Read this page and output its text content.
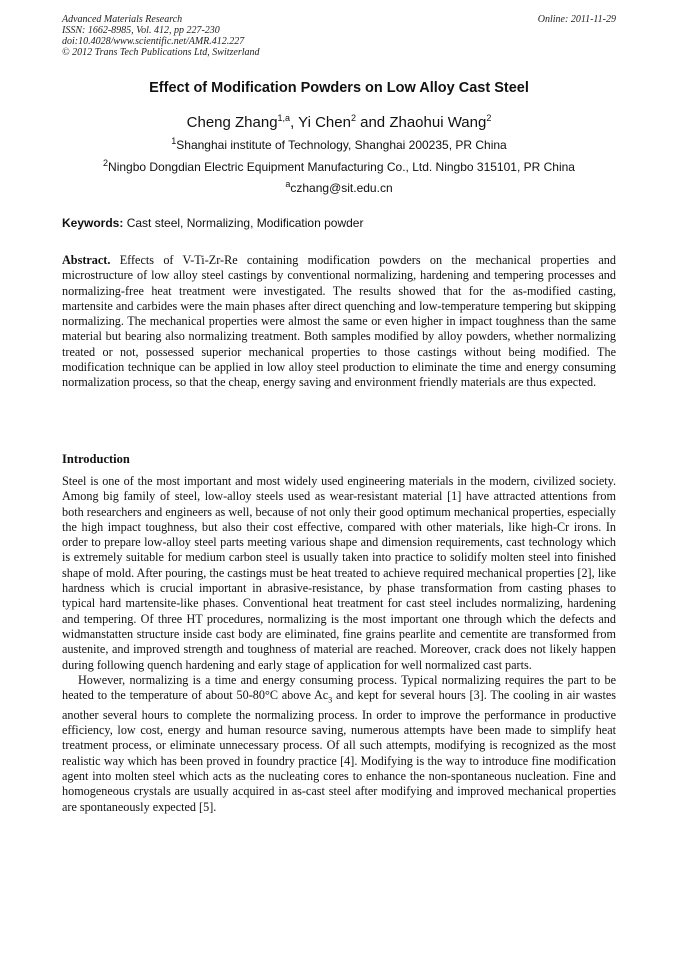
Advanced Materials Research
ISSN: 1662-8985, Vol. 412, pp 227-230
doi:10.4028/www.scientific.net/AMR.412.227
© 2012 Trans Tech Publications Ltd, Switzerland
Online: 2011-11-29
Effect of Modification Powders on Low Alloy Cast Steel
Cheng Zhang$^{1,a}$, Yi Chen$^2$ and Zhaohui Wang$^2$
$^1$Shanghai institute of Technology, Shanghai 200235, PR China
$^2$Ningbo Dongdian Electric Equipment Manufacturing Co., Ltd. Ningbo 315101, PR China
$^a$czhang@sit.edu.cn
Keywords: Cast steel, Normalizing, Modification powder
Abstract. Effects of V-Ti-Zr-Re containing modification powders on the mechanical properties and microstructure of low alloy steel castings by conventional normalizing, hardening and tempering processes and normalizing-free heat treatment were investigated. The results showed that for the as-modified casting, martensite and carbides were the main phases after direct quenching and low-temperature tempering but skipping normalizing. The mechanical properties were almost the same or even higher in impact toughness than the same material but bearing also normalizing treatment. Both samples modified by alloy powders, whether normalizing treated or not, possessed superior mechanical properties to those castings without being modified. The modification technique can be applied in low alloy steel production to eliminate the time and energy consuming normalization process, so that the cheap, energy saving and environment friendly materials are thus expected.
Introduction

Steel is one of the most important and most widely used engineering materials in the modern, civilized society. Among big family of steel, low-alloy steels used as wear-resistant material [1] have attracted attentions from both researchers and engineers as well, because of not only their good optimum mechanical properties, especially the high impact toughness, but also their cost effective, compared with other materials, like high-Cr irons. In order to prepare low-alloy steel parts meeting various shape and dimension requirements, cast technology which is extremely suitable for medium carbon steel is usually taken into practice to solidify molten steel into finished shape of mold. After pouring, the castings must be heat treated to achieve required mechanical properties [2], like hardness which is crucial important in abrasive-resistance, by phase transformation from casting phases to typical hard martensite-like phases. Conventional heat treatment for cast steel includes normalizing, hardening and tempering. Of three HT procedures, normalizing is the most important one through which the defects and widmanstatten structure inside cast body are eliminated, fine grains pearlite and cementite are transformed from austenite, and improved strength and toughness of material are reached. Moreover, crack does not likely happen during following quench hardening and early stage of application for well normalized cast parts.

However, normalizing is a time and energy consuming process. Typical normalizing requires the part to be heated to the temperature of about 50-80°C above $Ac_3$ and kept for several hours [3]. The cooling in air wastes another several hours to complete the normalizing process. In order to improve the performance in productive efficiency, low cost, energy and human resource saving, numerous attempts have been made to simplify heat treatment process, or eliminate unnecessary process. Of all such attempts, modifying is recognized as the most realistic way which has been proved in foundry practice [4]. Modifying is the way to introduce fine modification agent into molten steel which acts as the nucleating cores to enhance the non-spontaneous nucleation. Fine and homogeneous crystals are usually acquired in as-cast steel after modifying and improved mechanical properties are spontaneously expected [5].
